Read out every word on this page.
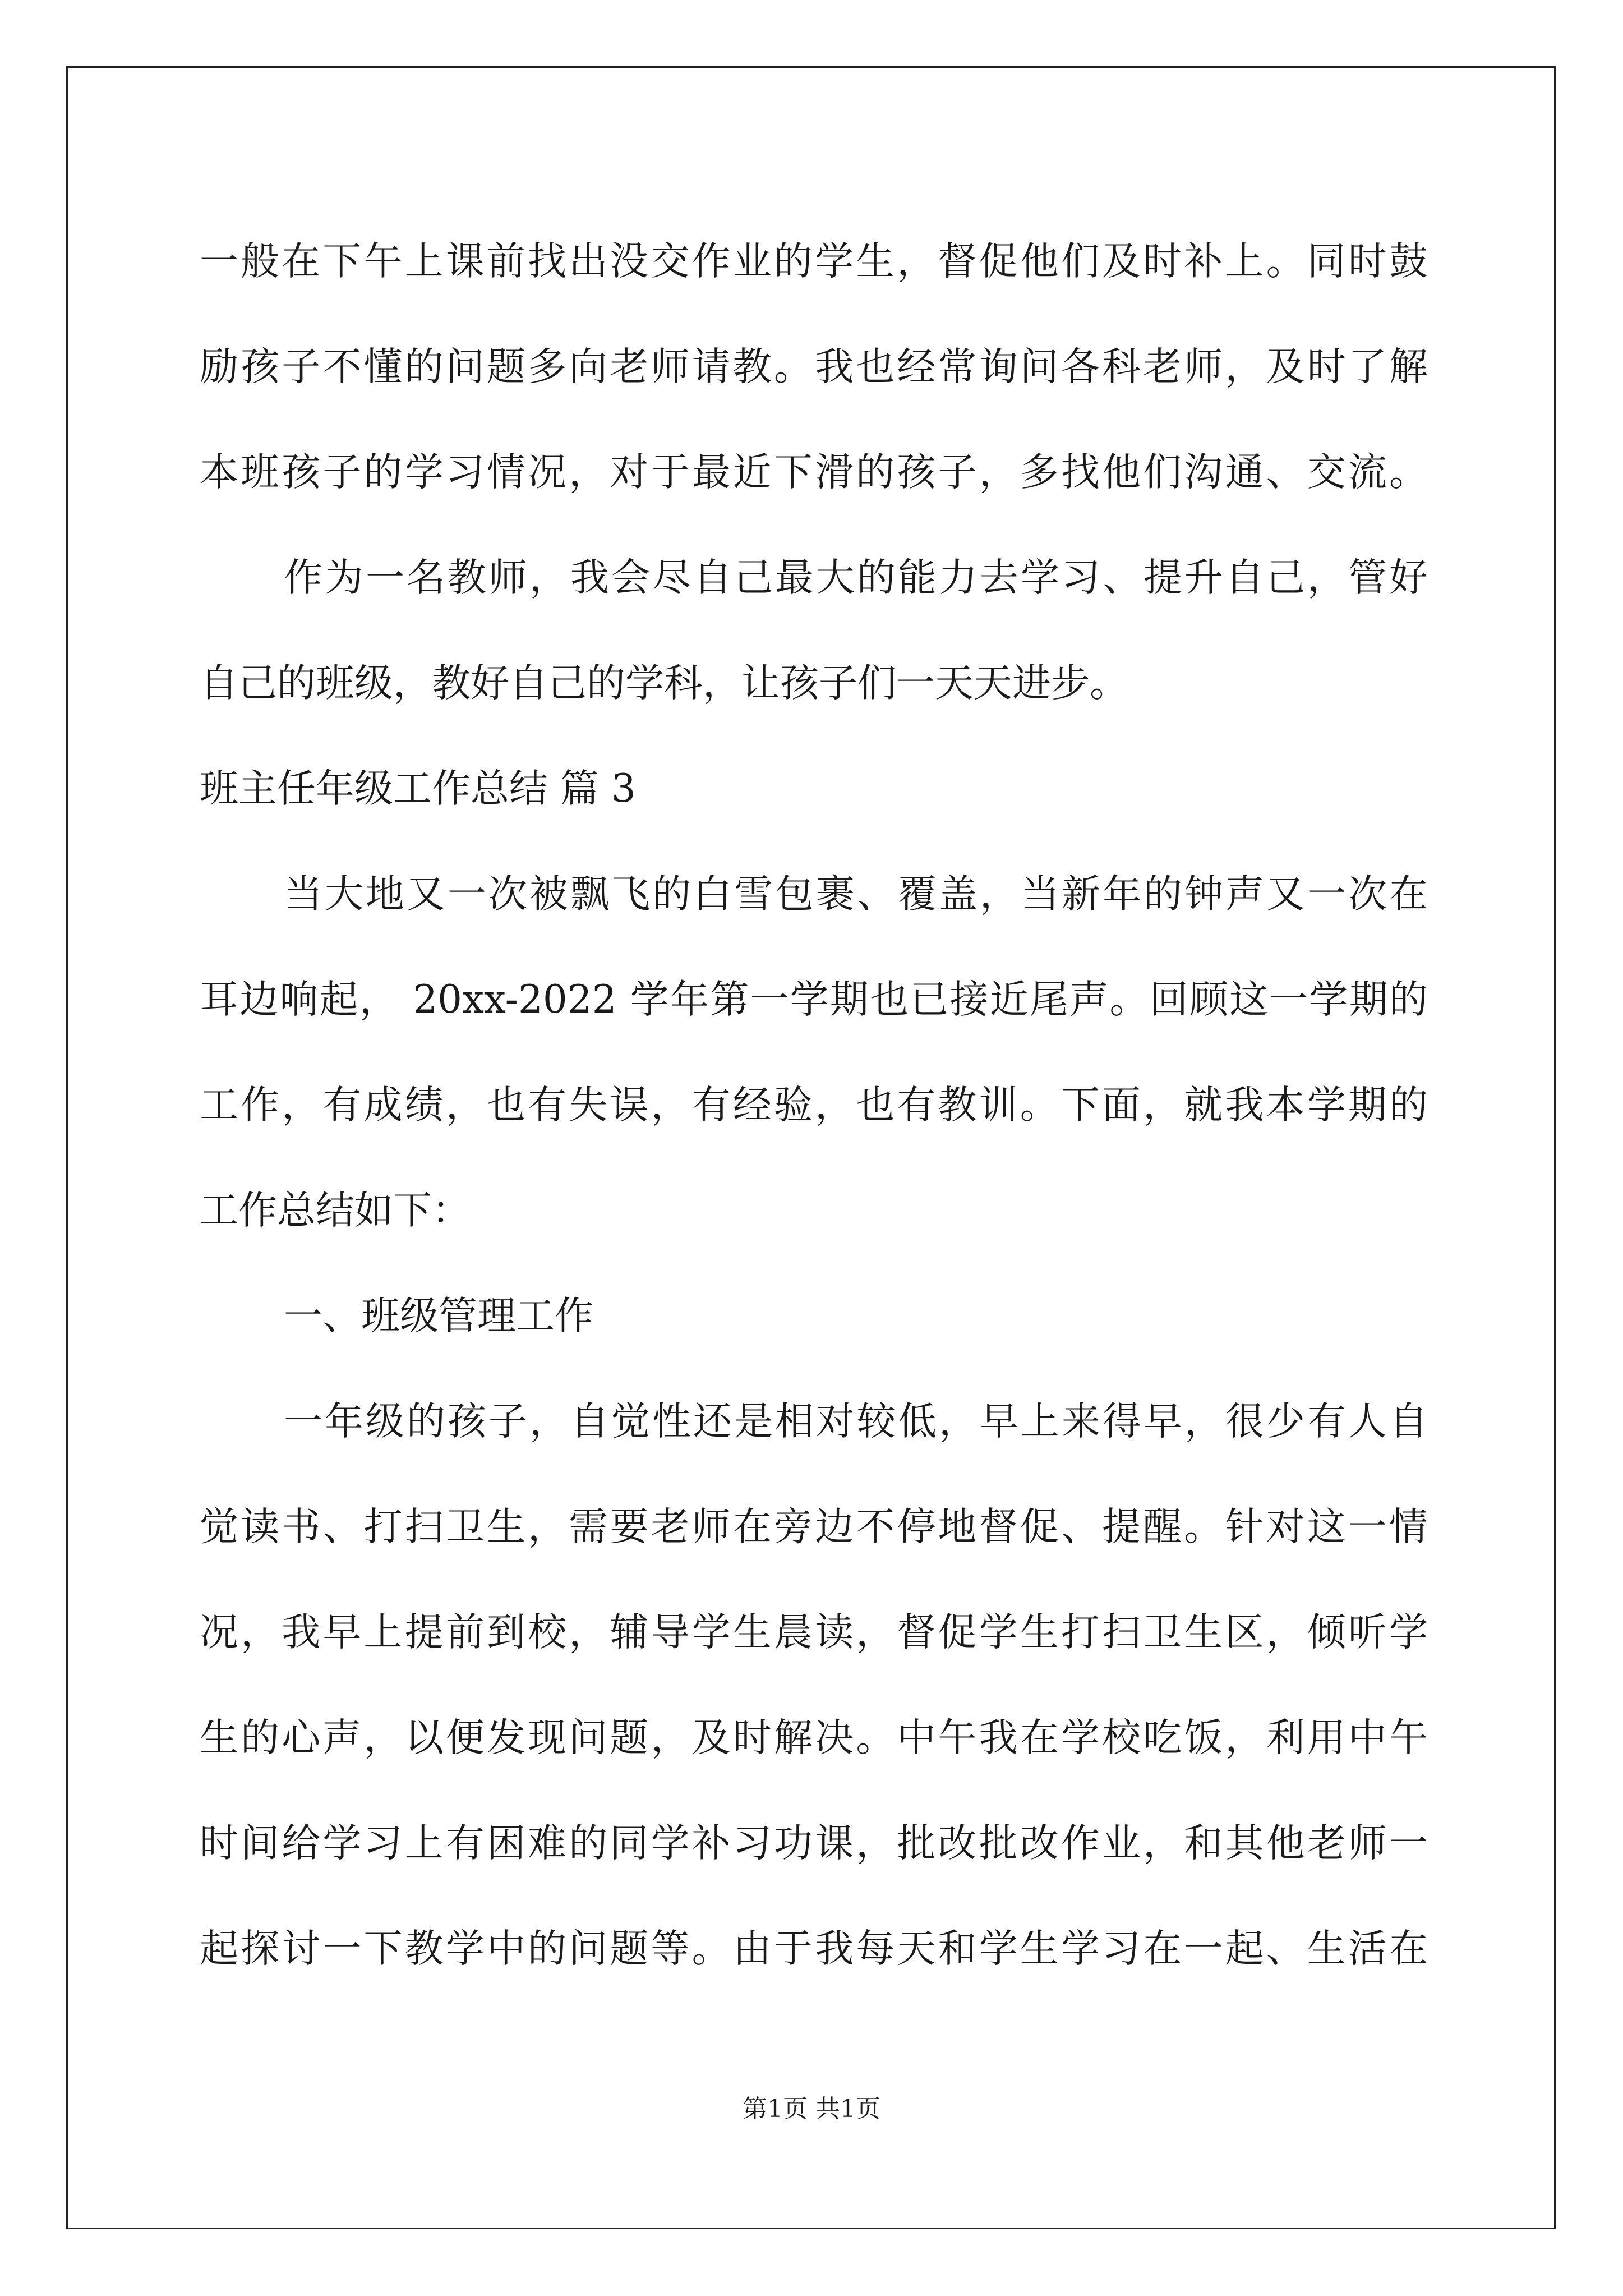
一般在下午上课前找出没交作业的学生，督促他们及时补上。同时鼓
励孩子不懂的问题多向老师请教。我也经常询问各科老师，及时了解
本班孩子的学习情况，对于最近下滑的孩子，多找他们沟通、交流。
作为一名教师，我会尽自己最大的能力去学习、提升自己，管好
自己的班级，教好自己的学科，让孩子们一天天进步。
班主任年级工作总结 篇 3
当大地又一次被飘飞的白雪包裹、覆盖，当新年的钟声又一次在
耳边响起， 20xx-2022 学年第一学期也已接近尾声。回顾这一学期的
工作，有成绩，也有失误，有经验，也有教训。下面，就我本学期的
工作总结如下：
一、班级管理工作
一年级的孩子，自觉性还是相对较低，早上来得早，很少有人自
觉读书、打扫卫生，需要老师在旁边不停地督促、提醒。针对这一情
况，我早上提前到校，辅导学生晨读，督促学生打扫卫生区，倾听学
生的心声，以便发现问题，及时解决。中午我在学校吃饭，利用中午
时间给学习上有困难的同学补习功课，批改批改作业，和其他老师一
起探讨一下教学中的问题等。由于我每天和学生学习在一起、生活在
第1页 共1页
